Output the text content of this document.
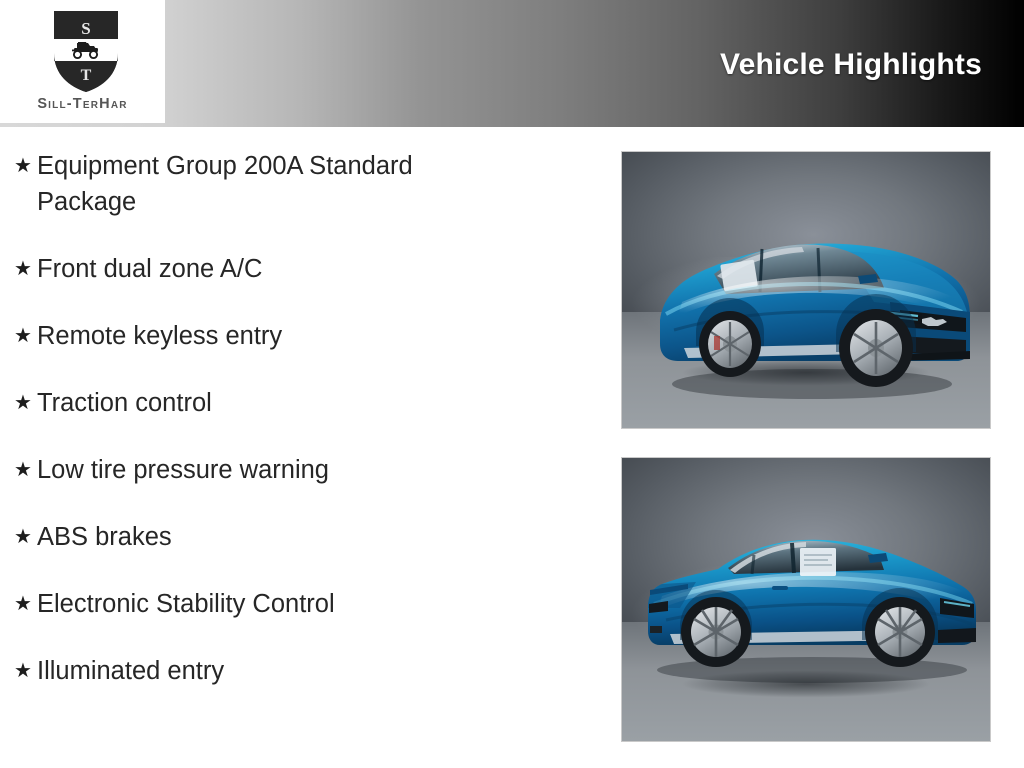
Vehicle Highlights
S
T
Sill-TerHar
★ Equipment Group 200A Standard Package
★ Front dual zone A/C
★ Remote keyless entry
★ Traction control
★ Low tire pressure warning
★ ABS brakes
★ Electronic Stability Control
★ Illuminated entry
